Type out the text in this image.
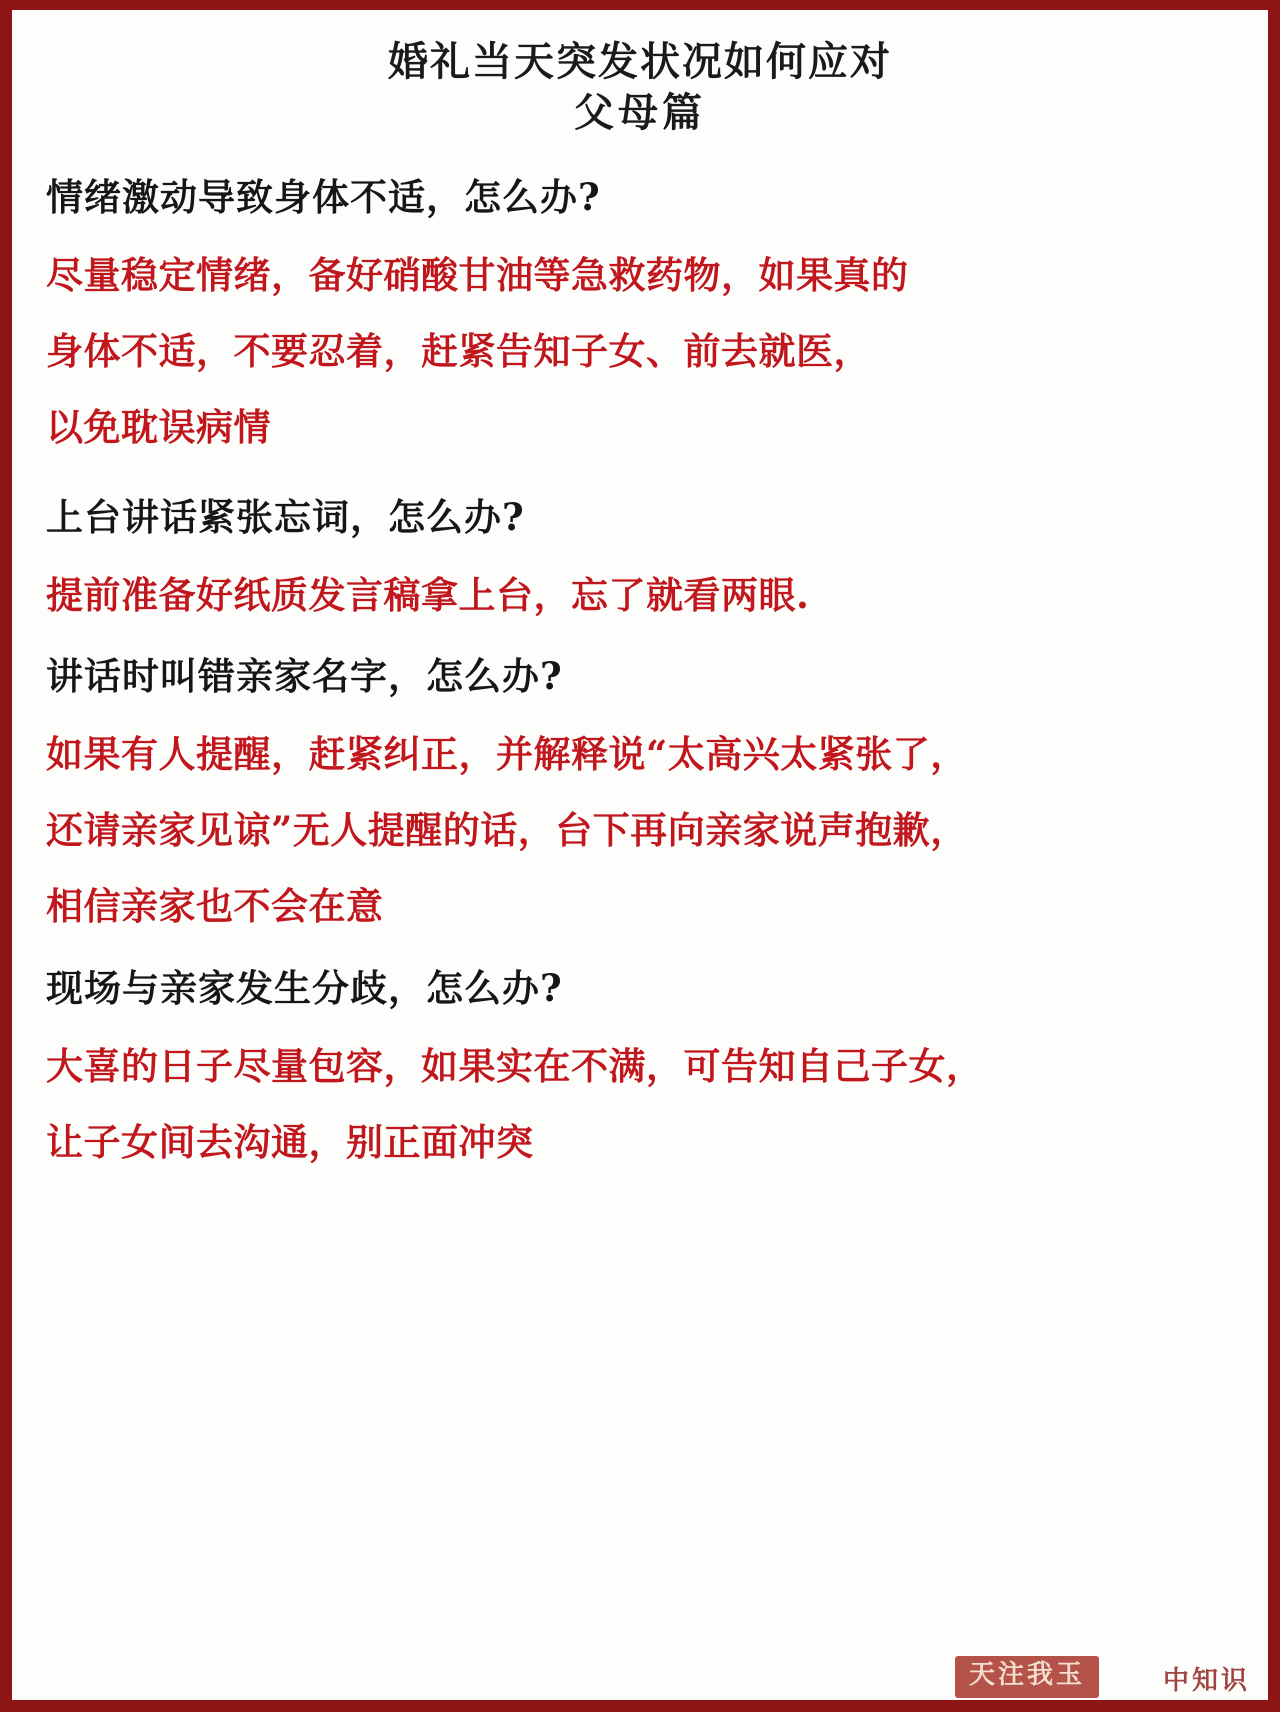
婚礼当天突发状况如何应对
父母篇

情绪激动导致身体不适，怎么办?

尽量稳定情绪，备好硝酸甘油等急救药物，如果真的
身体不适，不要忍着，赶紧告知子女、前去就医，
以免耽误病情

上台讲话紧张忘词，怎么办?

提前准备好纸质发言稿拿上台，忘了就看两眼.

讲话时叫错亲家名字，怎么办?

如果有人提醒，赶紧纠正，并解释说“太高兴太紧张了，
还请亲家见谅”无人提醒的话，台下再向亲家说声抱歉，
相信亲家也不会在意

现场与亲家发生分歧，怎么办?

大喜的日子尽量包容，如果实在不满，可告知自己子女，
让子女间去沟通，别正面冲突
天注我玉	中知识
